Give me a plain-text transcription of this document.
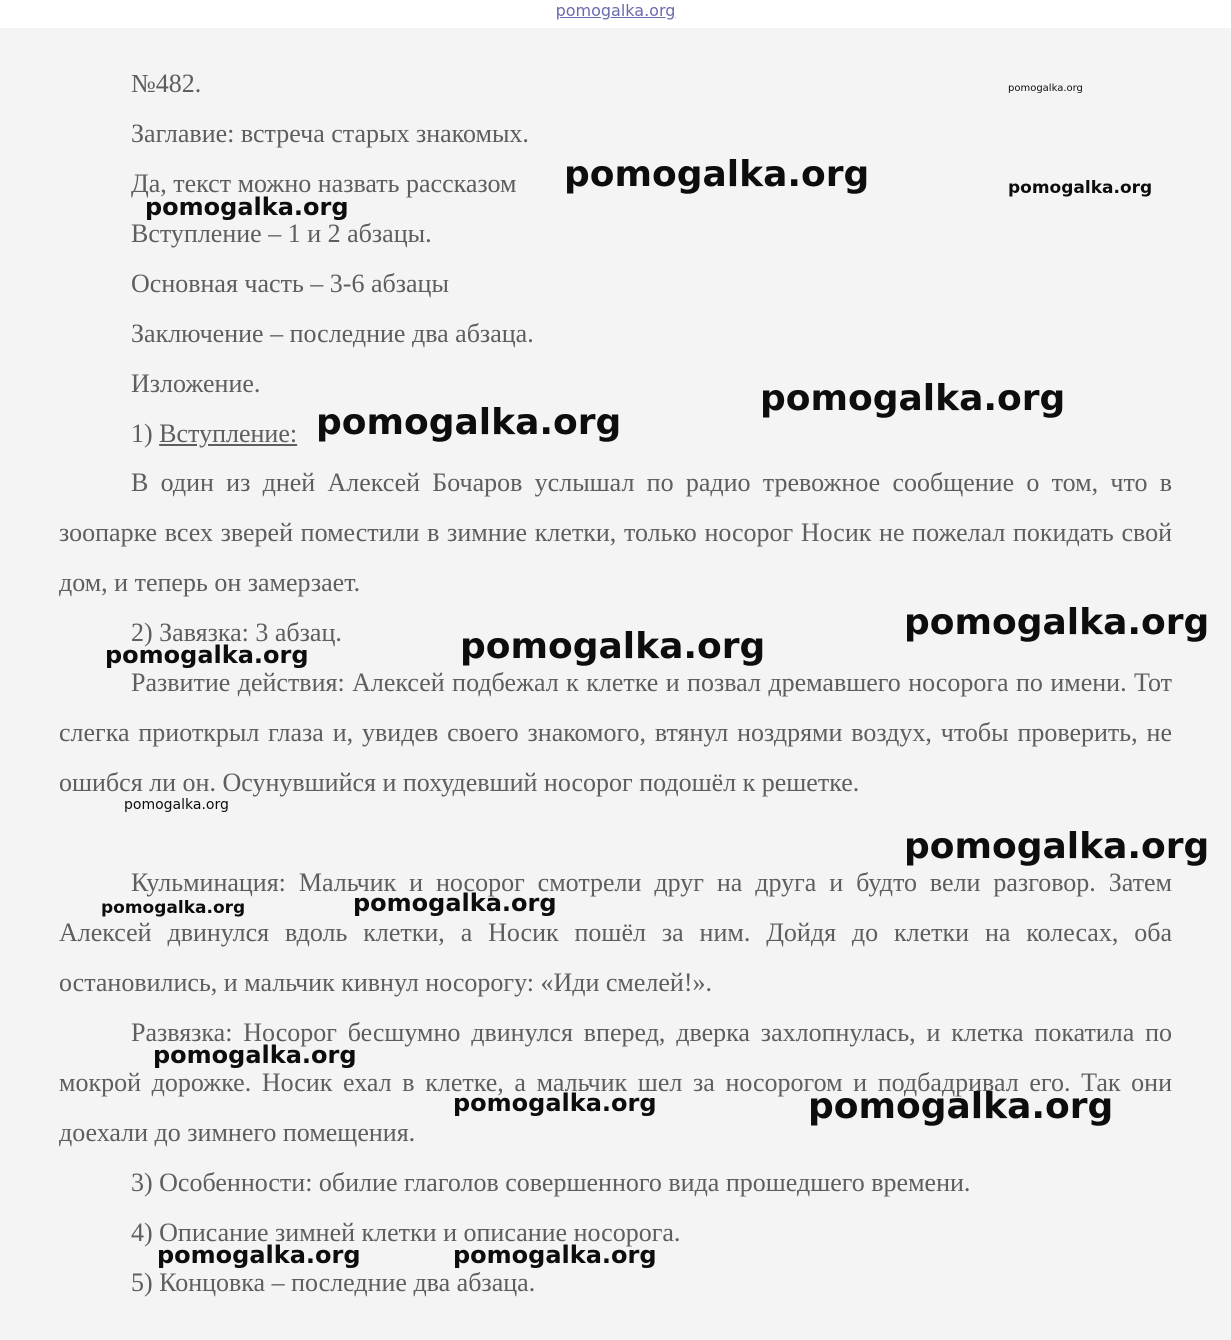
pomogalka.org
№482.
Заглавие: встреча старых знакомых.
Да, текст можно назвать рассказом
Вступление – 1 и 2 абзацы.
Основная часть – 3-6 абзацы
Заключение – последние два абзаца.
Изложение.
1) Вступление:
В один из дней Алексей Бочаров услышал по радио тревожное сообщение о том, что в зоопарке всех зверей поместили в зимние клетки, только носорог Носик не пожелал покидать свой дом, и теперь он замерзает.
2) Завязка: 3 абзац.
Развитие действия: Алексей подбежал к клетке и позвал дремавшего носорога по имени. Тот слегка приоткрыл глаза и, увидев своего знакомого, втянул ноздрями воздух, чтобы проверить, не ошибся ли он. Осунувшийся и похудевший носорог подошёл к решетке.
Кульминация: Мальчик и носорог смотрели друг на друга и будто вели разговор. Затем Алексей двинулся вдоль клетки, а Носик пошёл за ним. Дойдя до клетки на колесах, оба остановились, и мальчик кивнул носорогу: «Иди смелей!».
Развязка: Носорог бесшумно двинулся вперед, дверка захлопнулась, и клетка покатила по мокрой дорожке. Носик ехал в клетке, а мальчик шел за носорогом и подбадривал его. Так они доехали до зимнего помещения.
3) Особенности: обилие глаголов совершенного вида прошедшего времени.
4) Описание зимней клетки и описание носорога.
5) Концовка – последние два абзаца.
pomogalka.org
pomogalka.org	pomogalka.org
pomogalka.org
pomogalka.org
pomogalka.org
pomogalka.org
pomogalka.org
pomogalka.org
pomogalka.org
pomogalka.org
pomogalka.org
pomogalka.org
pomogalka.org
pomogalka.org	pomogalka.org
pomogalka.org	pomogalka.org
